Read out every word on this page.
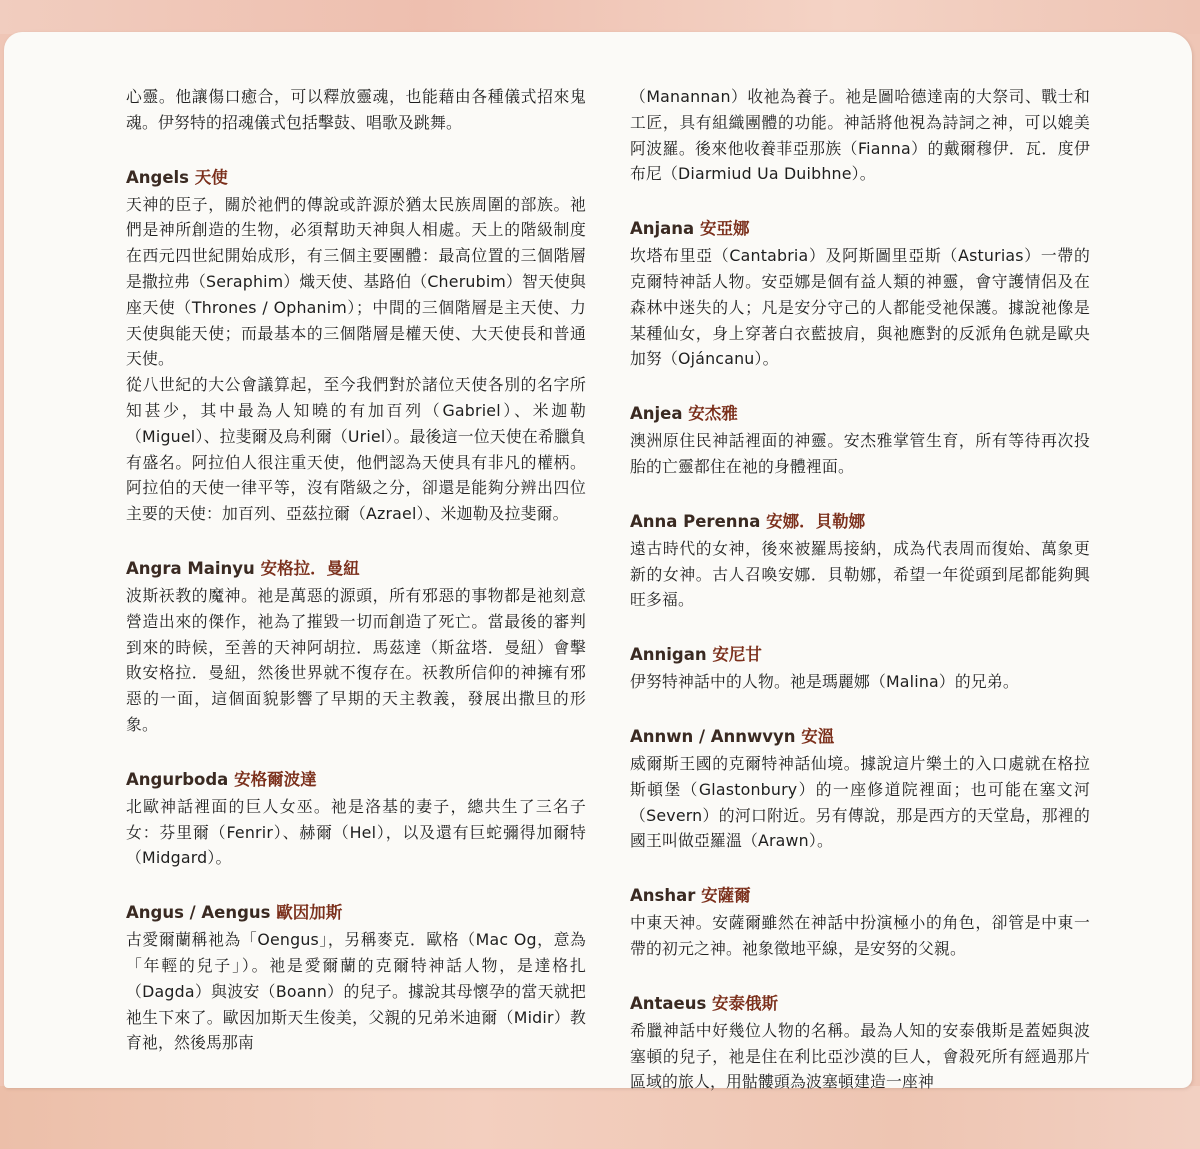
心靈。他讓傷口癒合，可以釋放靈魂，也能藉由各種儀式招來鬼魂。伊努特的招魂儀式包括擊鼓、唱歌及跳舞。

Angels 天使

天神的臣子，關於祂們的傳說或許源於猶太民族周圍的部族。祂們是神所創造的生物，必須幫助天神與人相處。天上的階級制度在西元四世紀開始成形，有三個主要團體：最高位置的三個階層是撒拉弗（Seraphim）熾天使、基路伯（Cherubim）智天使與座天使（Thrones / Ophanim）；中間的三個階層是主天使、力天使與能天使；而最基本的三個階層是權天使、大天使長和普通天使。

從八世紀的大公會議算起，至今我們對於諸位天使各別的名字所知甚少，其中最為人知曉的有加百列（Gabriel）、米迦勒（Miguel）、拉斐爾及烏利爾（Uriel）。最後這一位天使在希臘負有盛名。阿拉伯人很注重天使，他們認為天使具有非凡的權柄。阿拉伯的天使一律平等，沒有階級之分，卻還是能夠分辨出四位主要的天使：加百列、亞茲拉爾（Azrael）、米迦勒及拉斐爾。

Angra Mainyu 安格拉．曼紐

波斯祆教的魔神。祂是萬惡的源頭，所有邪惡的事物都是祂刻意營造出來的傑作，祂為了摧毀一切而創造了死亡。當最後的審判到來的時候，至善的天神阿胡拉．馬茲達（斯盆塔．曼紐）會擊敗安格拉．曼紐，然後世界就不復存在。祆教所信仰的神擁有邪惡的一面，這個面貌影響了早期的天主教義，發展出撒旦的形象。

Angurboda 安格爾波達

北歐神話裡面的巨人女巫。祂是洛基的妻子，總共生了三名子女：芬里爾（Fenrir）、赫爾（Hel），以及還有巨蛇彌得加爾特（Midgard）。

Angus / Aengus 歐因加斯

古愛爾蘭稱祂為「Oengus」，另稱麥克．歐格（Mac Og，意為「年輕的兒子」）。祂是愛爾蘭的克爾特神話人物，是達格扎（Dagda）與波安（Boann）的兒子。據說其母懷孕的當天就把祂生下來了。歐因加斯天生俊美，父親的兄弟米迪爾（Midir）教育祂，然後馬那南

（Manannan）收祂為養子。祂是圖哈德達南的大祭司、戰士和工匠，具有組織團體的功能。神話將他視為詩詞之神，可以媲美阿波羅。後來他收養菲亞那族（Fianna）的戴爾穆伊．瓦．度伊布尼（Diarmiud Ua Duibhne）。

Anjana 安亞娜

坎塔布里亞（Cantabria）及阿斯圖里亞斯（Asturias）一帶的克爾特神話人物。安亞娜是個有益人類的神靈，會守護情侶及在森林中迷失的人；凡是安分守己的人都能受祂保護。據說祂像是某種仙女，身上穿著白衣藍披肩，與祂應對的反派角色就是歐央加努（Ojáncanu）。

Anjea 安杰雅

澳洲原住民神話裡面的神靈。安杰雅掌管生育，所有等待再次投胎的亡靈都住在祂的身體裡面。

Anna Perenna 安娜．貝勒娜

遠古時代的女神，後來被羅馬接納，成為代表周而復始、萬象更新的女神。古人召喚安娜．貝勒娜，希望一年從頭到尾都能夠興旺多福。

Annigan 安尼甘

伊努特神話中的人物。祂是瑪麗娜（Malina）的兄弟。

Annwn / Annwvyn 安溫

威爾斯王國的克爾特神話仙境。據說這片樂土的入口處就在格拉斯頓堡（Glastonbury）的一座修道院裡面；也可能在塞文河（Severn）的河口附近。另有傳說，那是西方的天堂島，那裡的國王叫做亞羅溫（Arawn）。

Anshar 安薩爾

中東天神。安薩爾雖然在神話中扮演極小的角色，卻管是中東一帶的初元之神。祂象徵地平線，是安努的父親。

Antaeus 安泰俄斯

希臘神話中好幾位人物的名稱。最為人知的安泰俄斯是蓋婭與波塞頓的兒子，祂是住在利比亞沙漠的巨人，會殺死所有經過那片區域的旅人，用骷髏頭為波塞頓建造一座神
